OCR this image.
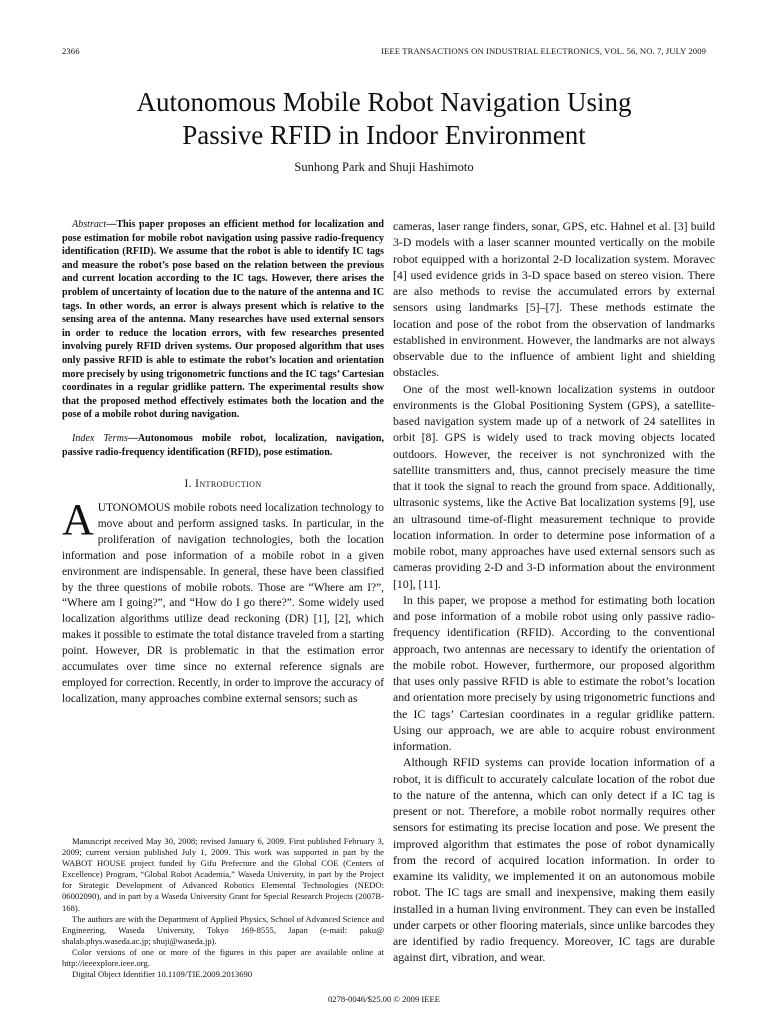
2366	IEEE TRANSACTIONS ON INDUSTRIAL ELECTRONICS, VOL. 56, NO. 7, JULY 2009
Autonomous Mobile Robot Navigation Using
Passive RFID in Indoor Environment
Sunhong Park and Shuji Hashimoto

Abstract—This paper proposes an efficient method for localization and pose estimation for mobile robot navigation using passive radio-frequency identification (RFID). We assume that the robot is able to identify IC tags and measure the robot’s pose based on the relation between the previous and current location according to the IC tags. However, there arises the problem of uncertainty of location due to the nature of the antenna and IC tags. In other words, an error is always present which is relative to the sensing area of the antenna. Many researches have used external sensors in order to reduce the location errors, with few researches presented involving purely RFID driven systems. Our proposed algorithm that uses only passive RFID is able to estimate the robot’s location and orientation more precisely by using trigonometric functions and the IC tags’ Cartesian coordinates in a regular gridlike pattern. The experimental results show that the proposed method effectively estimates both the location and the pose of a mobile robot during navigation.

Index Terms—Autonomous mobile robot, localization, navigation, passive radio-frequency identification (RFID), pose estimation.

I. Introduction

AUTONOMOUS mobile robots need localization technology to move about and perform assigned tasks. In particular, in the proliferation of navigation technologies, both the location information and pose information of a mobile robot in a given environment are indispensable. In general, these have been classified by the three questions of mobile robots. Those are “Where am I?”, “Where am I going?”, and “How do I go there?”. Some widely used localization algorithms utilize dead reckoning (DR) [1], [2], which makes it possible to estimate the total distance traveled from a starting point. However, DR is problematic in that the estimation error accumulates over time since no external reference signals are employed for correction. Recently, in order to improve the accuracy of localization, many approaches combine external sensors; such as

Manuscript received May 30, 2008; revised January 6, 2009. First published February 3, 2009; current version published July 1, 2009. This work was supported in part by the WABOT HOUSE project funded by Gifu Prefecture and the Global COE (Centers of Excellence) Program, “Global Robot Academia,” Waseda University, in part by the Project for Strategic Development of Advanced Robotics Elemental Technologies (NEDO: 06002090), and in part by a Waseda University Grant for Special Research Projects (2007B-168).

The authors are with the Department of Applied Physics, School of Advanced Science and Engineering, Waseda University, Tokyo 169-8555, Japan (e-mail: paku@ shalab.phys.waseda.ac.jp; shuji@waseda.jp).

Color versions of one or more of the figures in this paper are available online at http://ieeexplore.ieee.org.

Digital Object Identifier 10.1109/TIE.2009.2013690

cameras, laser range finders, sonar, GPS, etc. Hahnel et al. [3] build 3-D models with a laser scanner mounted vertically on the mobile robot equipped with a horizontal 2-D localization system. Moravec [4] used evidence grids in 3-D space based on stereo vision. There are also methods to revise the accumulated errors by external sensors using landmarks [5]–[7]. These methods estimate the location and pose of the robot from the observation of landmarks established in environment. However, the landmarks are not always observable due to the influence of ambient light and shielding obstacles.

One of the most well-known localization systems in outdoor environments is the Global Positioning System (GPS), a satellite-based navigation system made up of a network of 24 satellites in orbit [8]. GPS is widely used to track moving objects located outdoors. However, the receiver is not synchronized with the satellite transmitters and, thus, cannot precisely measure the time that it took the signal to reach the ground from space. Additionally, ultrasonic systems, like the Active Bat localization systems [9], use an ultrasound time-of-flight measurement technique to provide location information. In order to determine pose information of a mobile robot, many approaches have used external sensors such as cameras providing 2-D and 3-D information about the environment [10], [11].

In this paper, we propose a method for estimating both location and pose information of a mobile robot using only passive radio-frequency identification (RFID). According to the conventional approach, two antennas are necessary to identify the orientation of the mobile robot. However, furthermore, our proposed algorithm that uses only passive RFID is able to estimate the robot’s location and orientation more precisely by using trigonometric functions and the IC tags’ Cartesian coordinates in a regular gridlike pattern. Using our approach, we are able to acquire robust environment information.

Although RFID systems can provide location information of a robot, it is difficult to accurately calculate location of the robot due to the nature of the antenna, which can only detect if a IC tag is present or not. Therefore, a mobile robot normally requires other sensors for estimating its precise location and pose. We present the improved algorithm that estimates the pose of robot dynamically from the record of acquired location information. In order to examine its validity, we implemented it on an autonomous mobile robot. The IC tags are small and inexpensive, making them easily installed in a human living environment. They can even be installed under carpets or other flooring materials, since unlike barcodes they are identified by radio frequency. Moreover, IC tags are durable against dirt, vibration, and wear.

0278-0046/$25.00 © 2009 IEEE
